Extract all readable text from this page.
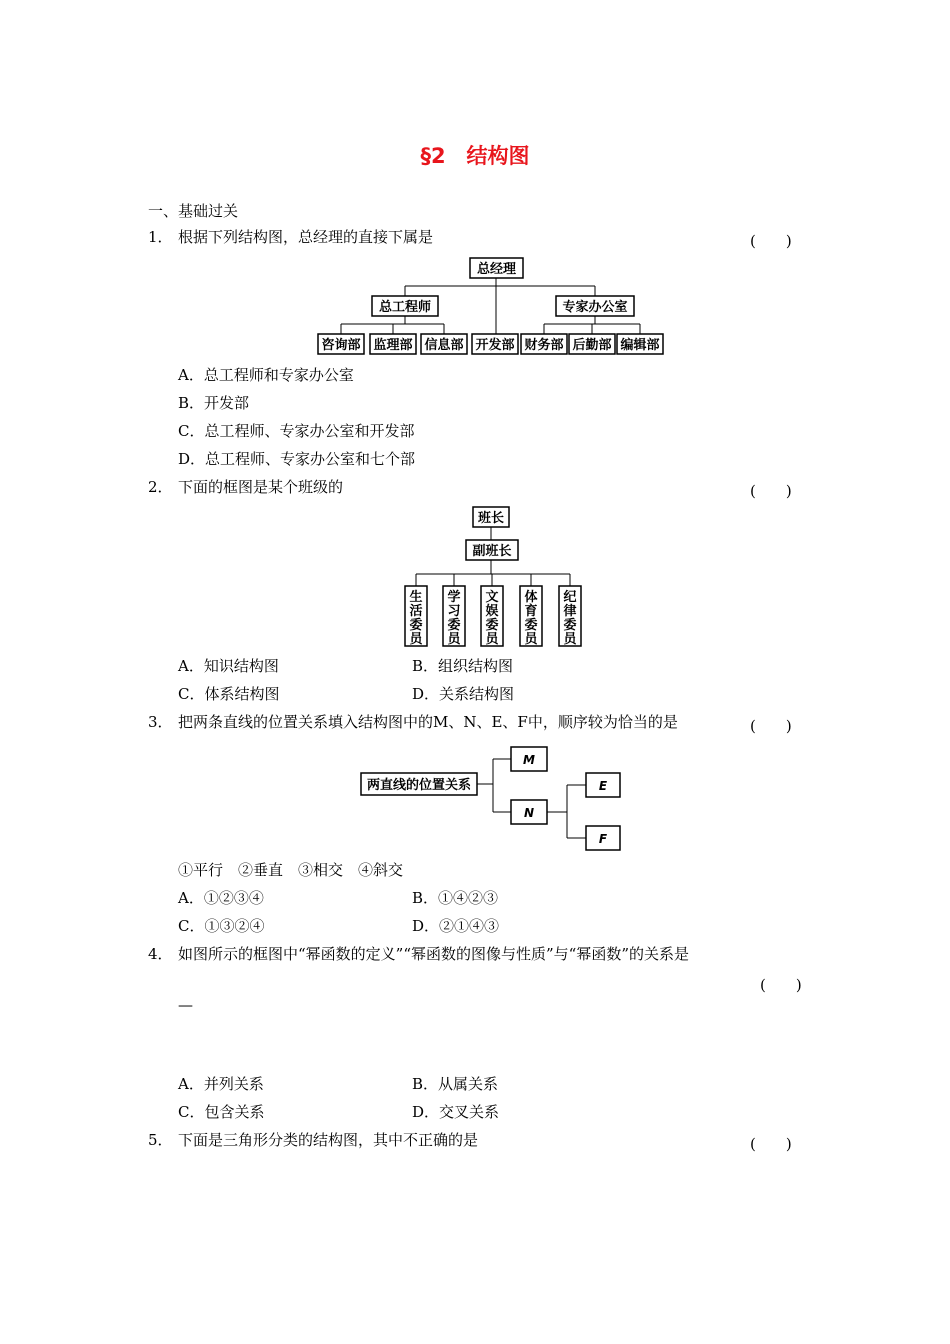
§2　结构图
一、基础过关
1． 根据下列结构图，总经理的直接下属是	(　　)
总经理
总工程师	专家办公室
咨询部 监理部 信息部 开发部 财务部 后勤部 编辑部
A．总工程师和专家办公室
B．开发部
C．总工程师、专家办公室和开发部
D．总工程师、专家办公室和七个部
2． 下面的框图是某个班级的	(　　)
班长
副班长
生活委员
学习委员
文娱委员
体育委员
纪律委员
A．知识结构图	B．组织结构图
C．体系结构图	D．关系结构图
3． 把两条直线的位置关系填入结构图中的M、N、E、F中，顺序较为恰当的是	(　　)
两直线的位置关系
M
N
E
F
①平行　②垂直　③相交　④斜交
A．①②③④	B．①④②③
C．①③②④	D．②①④③
4． 如图所示的框图中“幂函数的定义”“幂函数的图像与性质”与“幂函数”的关系是
(　　)
—
A．并列关系	B．从属关系
C．包含关系	D．交叉关系
5． 下面是三角形分类的结构图，其中不正确的是	(　　)
